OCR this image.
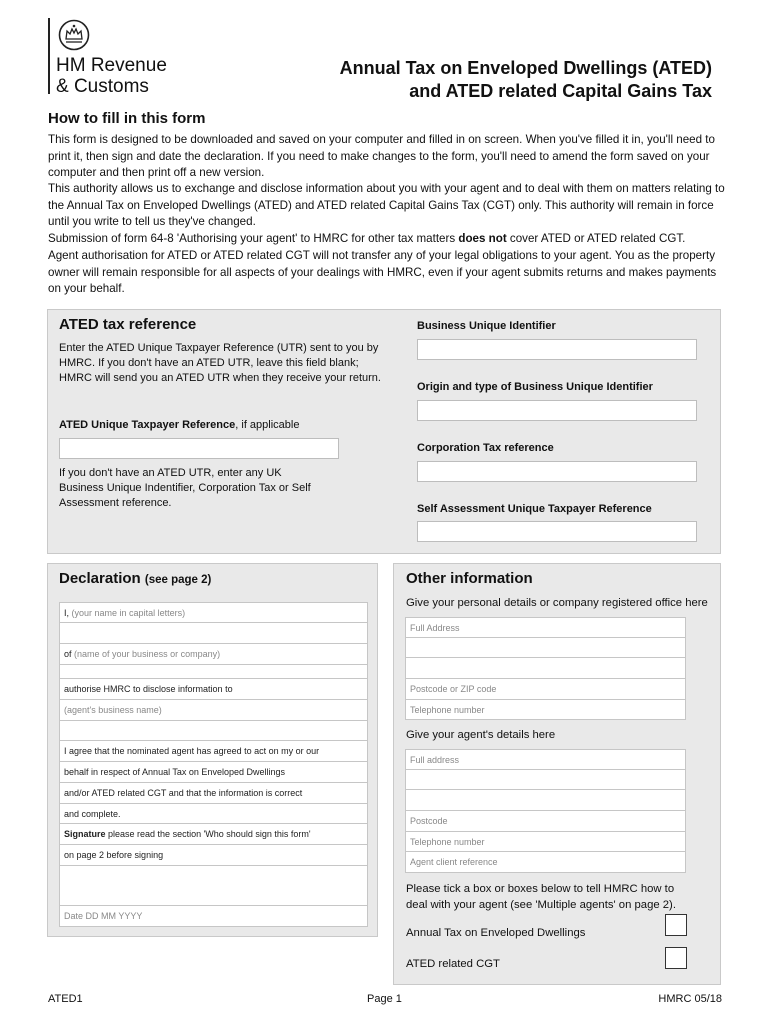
HM Revenue
& Customs
Annual Tax on Enveloped Dwellings (ATED)
and ATED related Capital Gains Tax
How to fill in this form
This form is designed to be downloaded and saved on your computer and filled in on screen. When you've filled it in, you'll need to print it, then sign and date the declaration. If you need to make changes to the form, you'll need to amend the form saved on your computer and then print off a new version.
This authority allows us to exchange and disclose information about you with your agent and to deal with them on matters relating to the Annual Tax on Enveloped Dwellings (ATED) and ATED related Capital Gains Tax (CGT) only. This authority will remain in force until you write to tell us they've changed.
Submission of form 64-8 'Authorising your agent' to HMRC for other tax matters does not cover ATED or ATED related CGT.
Agent authorisation for ATED or ATED related CGT will not transfer any of your legal obligations to your agent. You as the property owner will remain responsible for all aspects of your dealings with HMRC, even if your agent submits returns and makes payments on your behalf.
ATED tax reference
Enter the ATED Unique Taxpayer Reference (UTR) sent to you by HMRC. If you don't have an ATED UTR, leave this field blank; HMRC will send you an ATED UTR when they receive your return.
ATED Unique Taxpayer Reference, if applicable
If you don't have an ATED UTR, enter any UK Business Unique Indentifier, Corporation Tax or Self Assessment reference.
Business Unique Identifier
Origin and type of Business Unique Identifier
Corporation Tax reference
Self Assessment Unique Taxpayer Reference
Declaration (see page 2)
I, (your name in capital letters)
of (name of your business or company)
authorise HMRC to disclose information to
(agent's business name)
I agree that the nominated agent has agreed to act on my or our
behalf in respect of Annual Tax on Enveloped Dwellings
and/or ATED related CGT and that the information is correct
and complete.
Signature please read the section 'Who should sign this form'
on page 2 before signing
Date DD MM YYYY
Other information
Give your personal details or company registered office here
Full Address
Postcode or ZIP code
Telephone number
Give your agent's details here
Full address
Postcode
Telephone number
Agent client reference
Please tick a box or boxes below to tell HMRC how to deal with your agent (see 'Multiple agents' on page 2).
Annual Tax on Enveloped Dwellings
ATED related CGT
ATED1	Page 1	HMRC 05/18
